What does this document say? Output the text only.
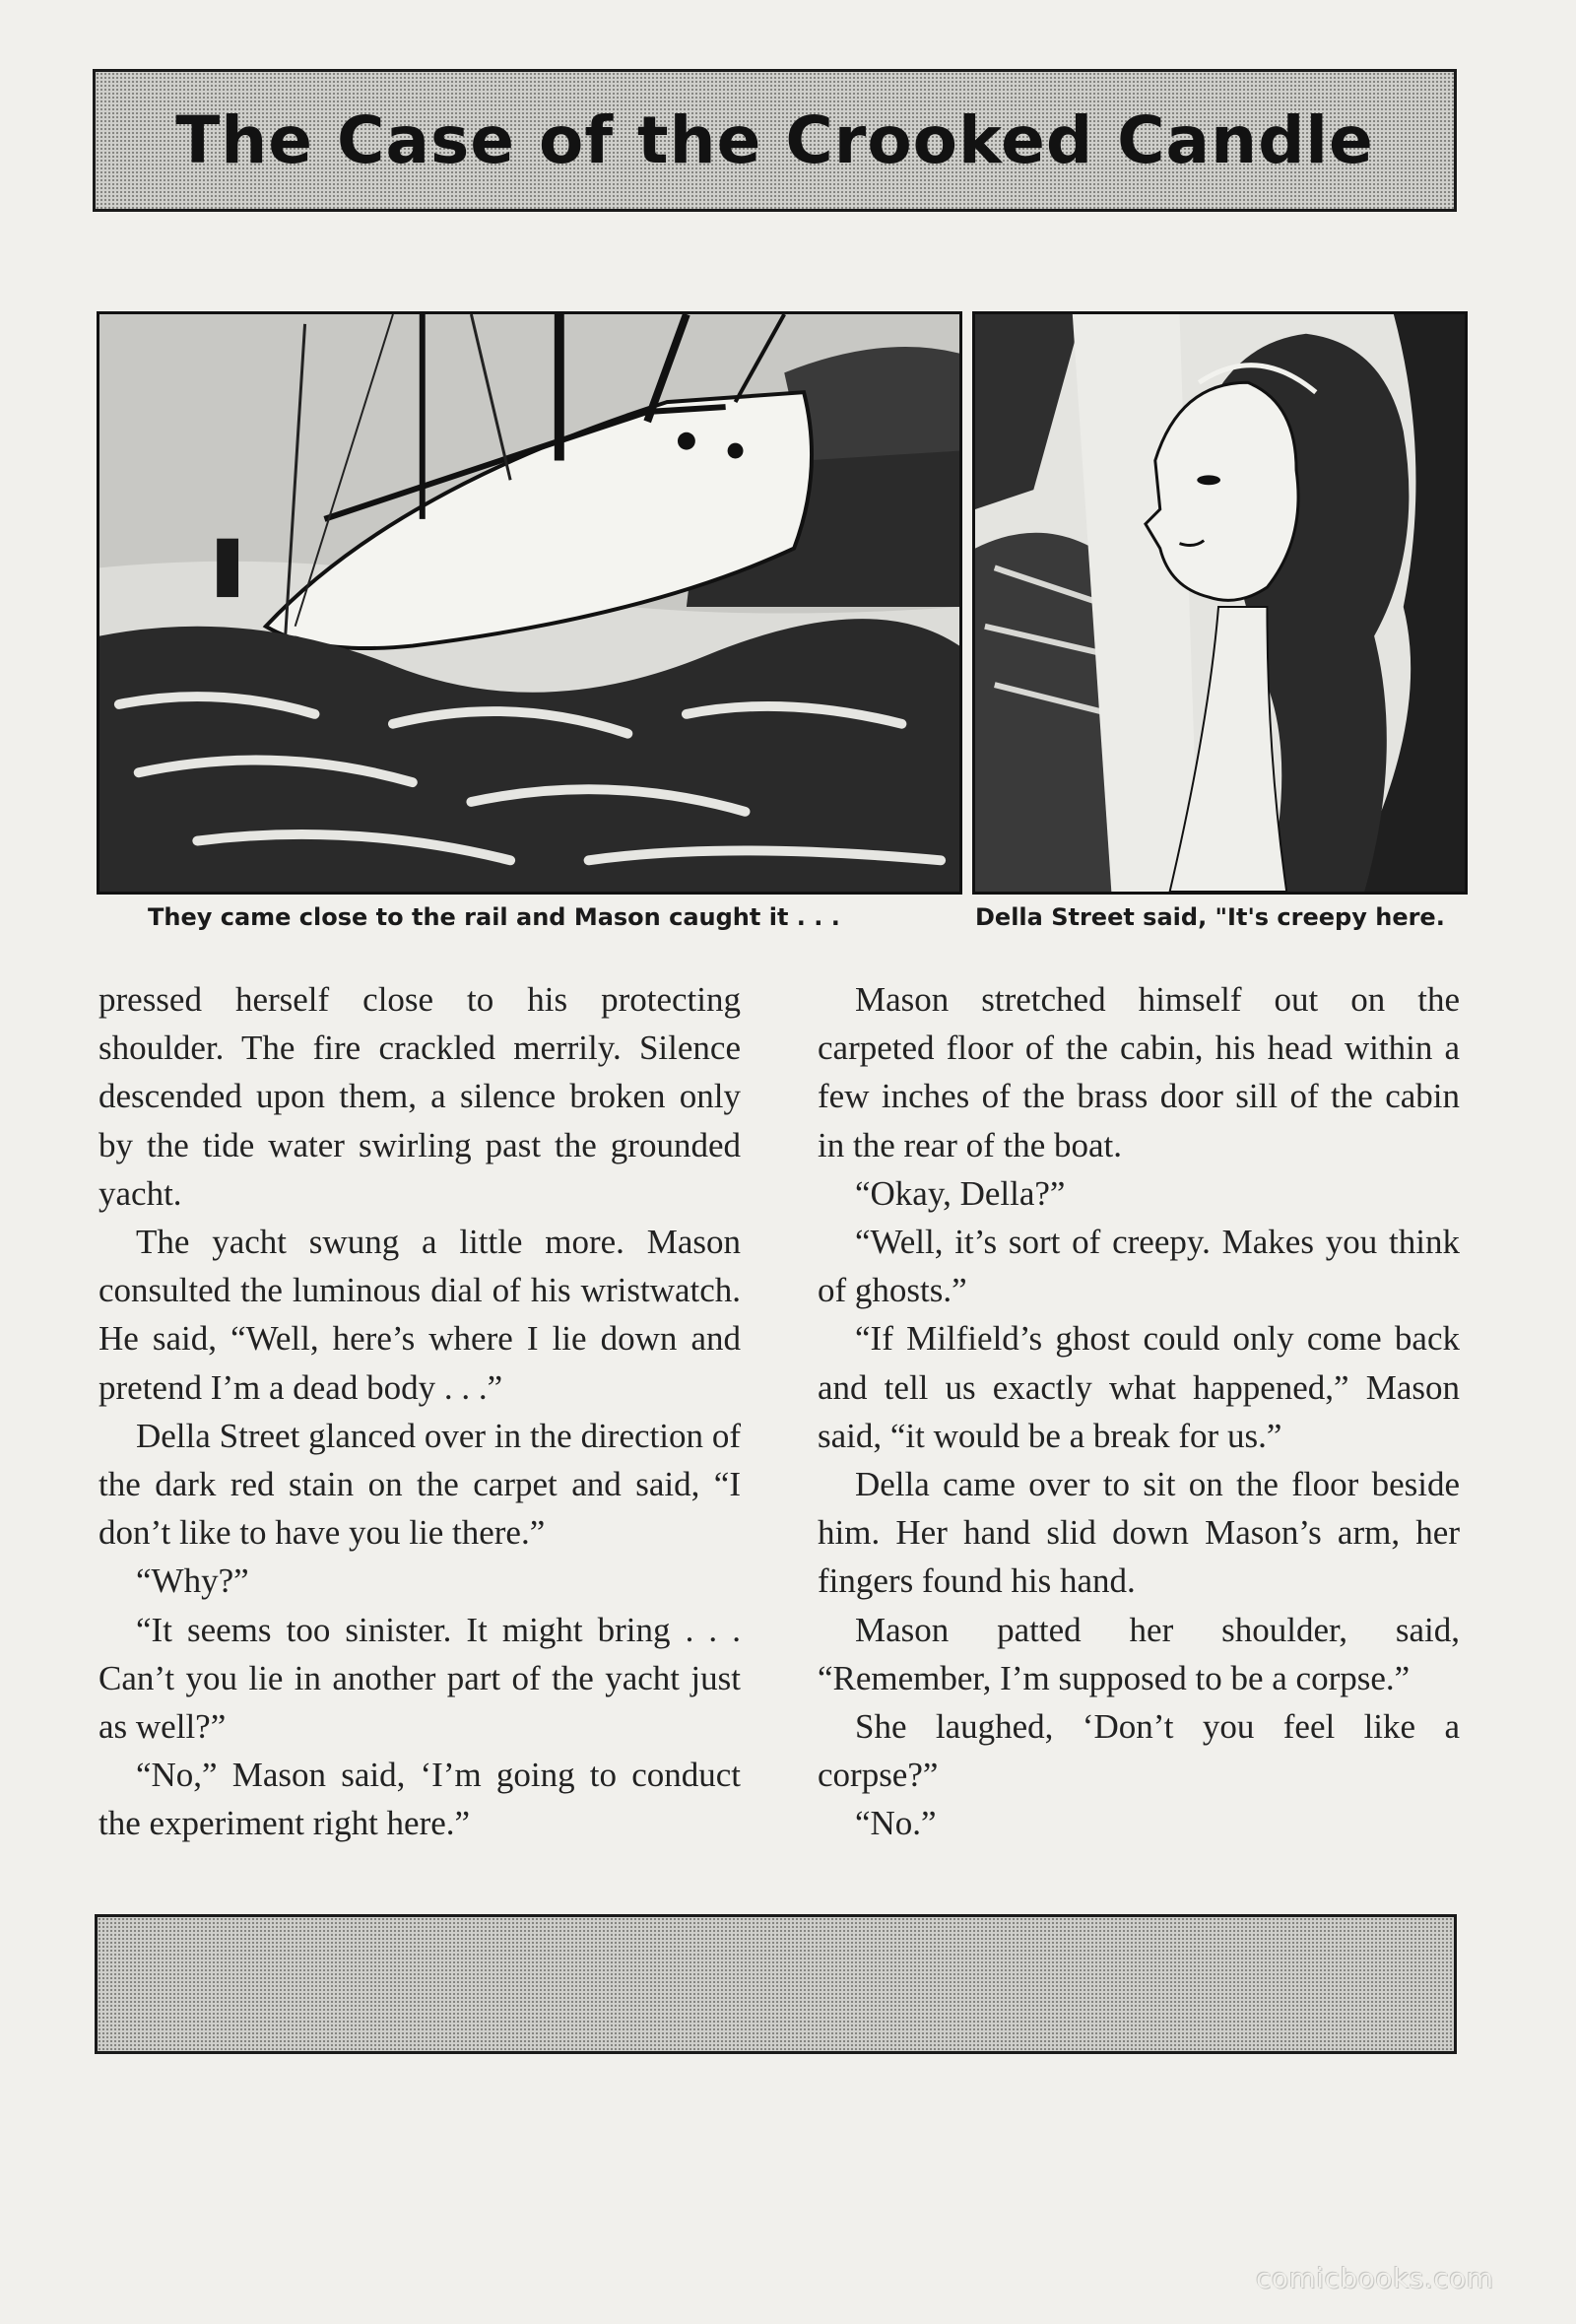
The Case of the Crooked Candle
They came close to the rail and Mason caught it . . .	Della Street said, "It's creepy here.

pressed herself close to his protecting shoulder. The fire crackled merrily. Silence descended upon them, a silence broken only by the tide water swirling past the grounded yacht.

The yacht swung a little more. Mason consulted the luminous dial of his wristwatch. He said, “Well, here’s where I lie down and pretend I’m a dead body . . .”

Della Street glanced over in the direction of the dark red stain on the carpet and said, “I don’t like to have you lie there.”

“Why?”

“It seems too sinister. It might bring . . . Can’t you lie in another part of the yacht just as well?”

“No,” Mason said, ‘I’m going to conduct the experiment right here.”

Mason stretched himself out on the carpeted floor of the cabin, his head within a few inches of the brass door sill of the cabin in the rear of the boat.

“Okay, Della?”

“Well, it’s sort of creepy. Makes you think of ghosts.”

“If Milfield’s ghost could only come back and tell us exactly what happened,” Mason said, “it would be a break for us.”

Della came over to sit on the floor beside him. Her hand slid down Mason’s arm, her fingers found his hand.

Mason patted her shoulder, said, “Remember, I’m supposed to be a corpse.”

She laughed, ‘Don’t you feel like a corpse?”

“No.”

comicbooks.com
